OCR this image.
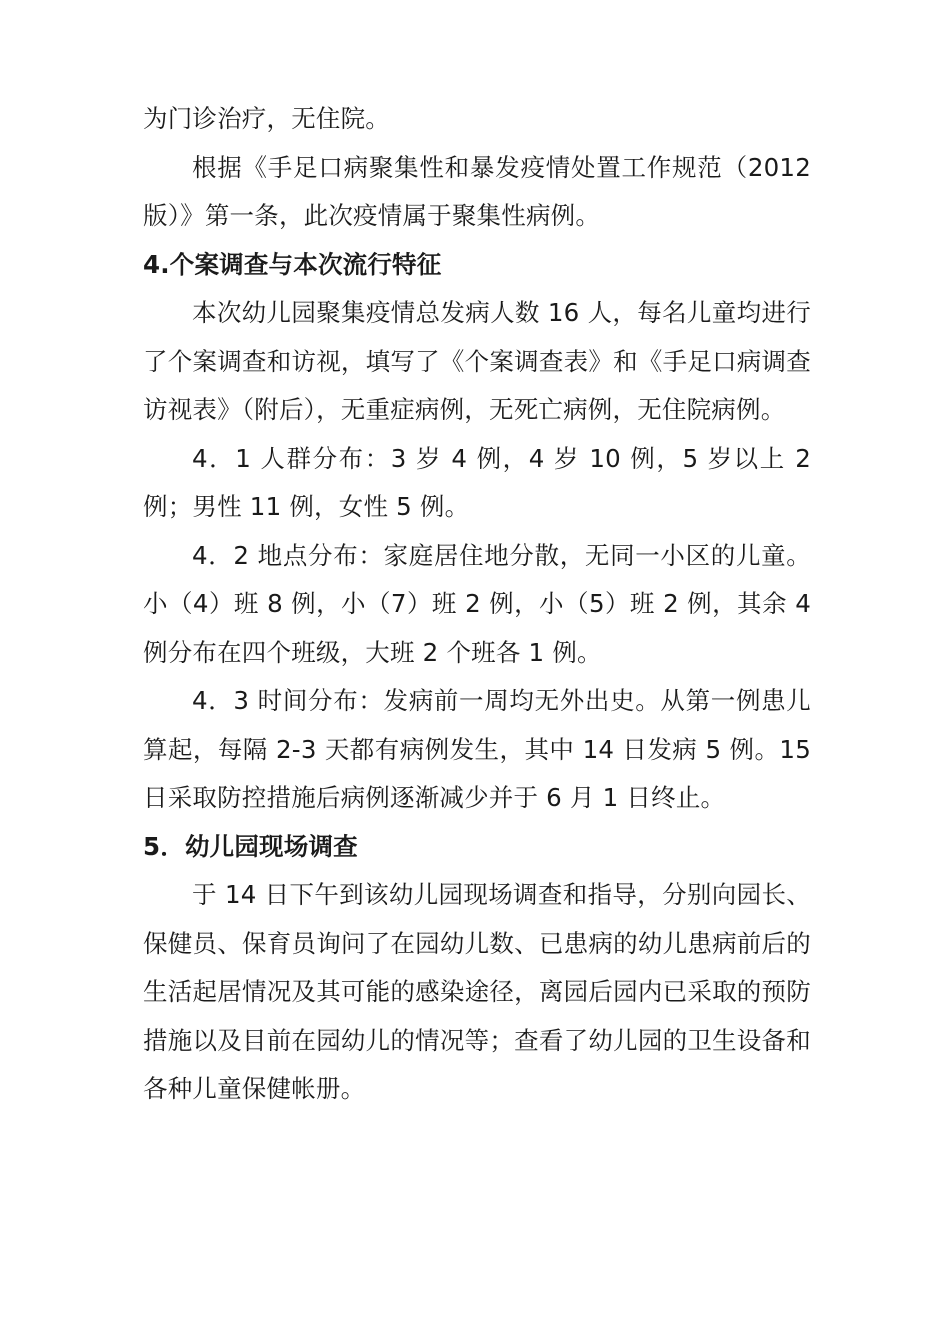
为门诊治疗，无住院。

根据《手足口病聚集性和暴发疫情处置工作规范（2012 版）》第一条，此次疫情属于聚集性病例。

4.个案调查与本次流行特征

本次幼儿园聚集疫情总发病人数 16 人，每名儿童均进行了个案调查和访视，填写了《个案调查表》和《手足口病调查访视表》（附后），无重症病例，无死亡病例，无住院病例。

4．1 人群分布：3 岁 4 例，4 岁 10 例，5 岁以上 2 例；男性 11 例，女性 5 例。

4．2 地点分布：家庭居住地分散，无同一小区的儿童。小（4）班 8 例，小（7）班 2 例，小（5）班 2 例，其余 4 例分布在四个班级，大班 2 个班各 1 例。

4．3 时间分布：发病前一周均无外出史。从第一例患儿算起，每隔 2-3 天都有病例发生，其中 14 日发病 5 例。15 日采取防控措施后病例逐渐减少并于 6 月 1 日终止。

5．幼儿园现场调查

于 14 日下午到该幼儿园现场调查和指导，分别向园长、保健员、保育员询问了在园幼儿数、已患病的幼儿患病前后的生活起居情况及其可能的感染途径，离园后园内已采取的预防措施以及目前在园幼儿的情况等；查看了幼儿园的卫生设备和各种儿童保健帐册。
